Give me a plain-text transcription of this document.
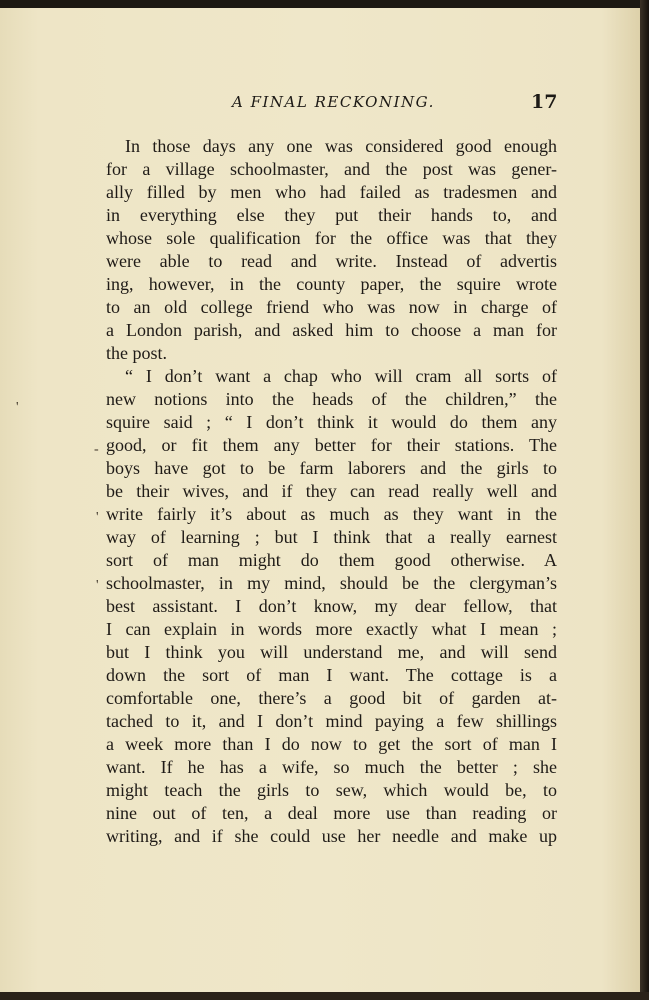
A FINAL RECKONING.	17
'
-
'
'
In those days any one was considered good enough
for a village schoolmaster, and the post was gener-
ally filled by men who had failed as tradesmen and
in everything else they put their hands to, and
whose sole qualification for the office was that they
were able to read and write. Instead of advertis
ing, however, in the county paper, the squire wrote
to an old college friend who was now in charge of
a London parish, and asked him to choose a man for
the post.
“ I don’t want a chap who will cram all sorts of
new notions into the heads of the children,” the
squire said ; “ I don’t think it would do them any
good, or fit them any better for their stations. The
boys have got to be farm laborers and the girls to
be their wives, and if they can read really well and
write fairly it’s about as much as they want in the
way of learning ; but I think that a really earnest
sort of man might do them good otherwise. A
schoolmaster, in my mind, should be the clergyman’s
best assistant. I don’t know, my dear fellow, that
I can explain in words more exactly what I mean ;
but I think you will understand me, and will send
down the sort of man I want. The cottage is a
comfortable one, there’s a good bit of garden at-
tached to it, and I don’t mind paying a few shillings
a week more than I do now to get the sort of man I
want. If he has a wife, so much the better ; she
might teach the girls to sew, which would be, to
nine out of ten, a deal more use than reading or
writing, and if she could use her needle and make up
